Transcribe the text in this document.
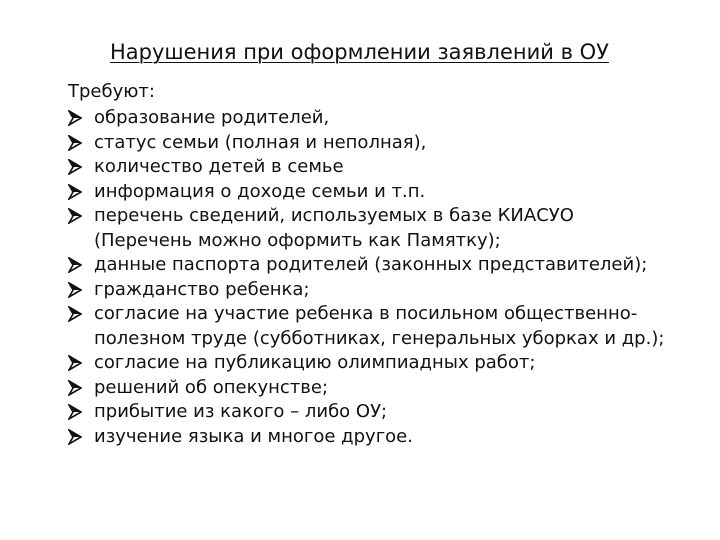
Нарушения при оформлении заявлений в ОУ
Требуют:
образование родителей,
статус семьи (полная и неполная),
количество детей в семье
информация о доходе семьи и т.п.
перечень сведений, используемых в базе КИАСУО
(Перечень можно оформить как Памятку);
данные паспорта родителей (законных представителей);
гражданство ребенка;
согласие на участие ребенка в посильном общественно-
полезном труде (субботниках, генеральных уборках и др.);
согласие на публикацию олимпиадных работ;
решений об опекунстве;
прибытие из какого – либо ОУ;
изучение языка и многое другое.
